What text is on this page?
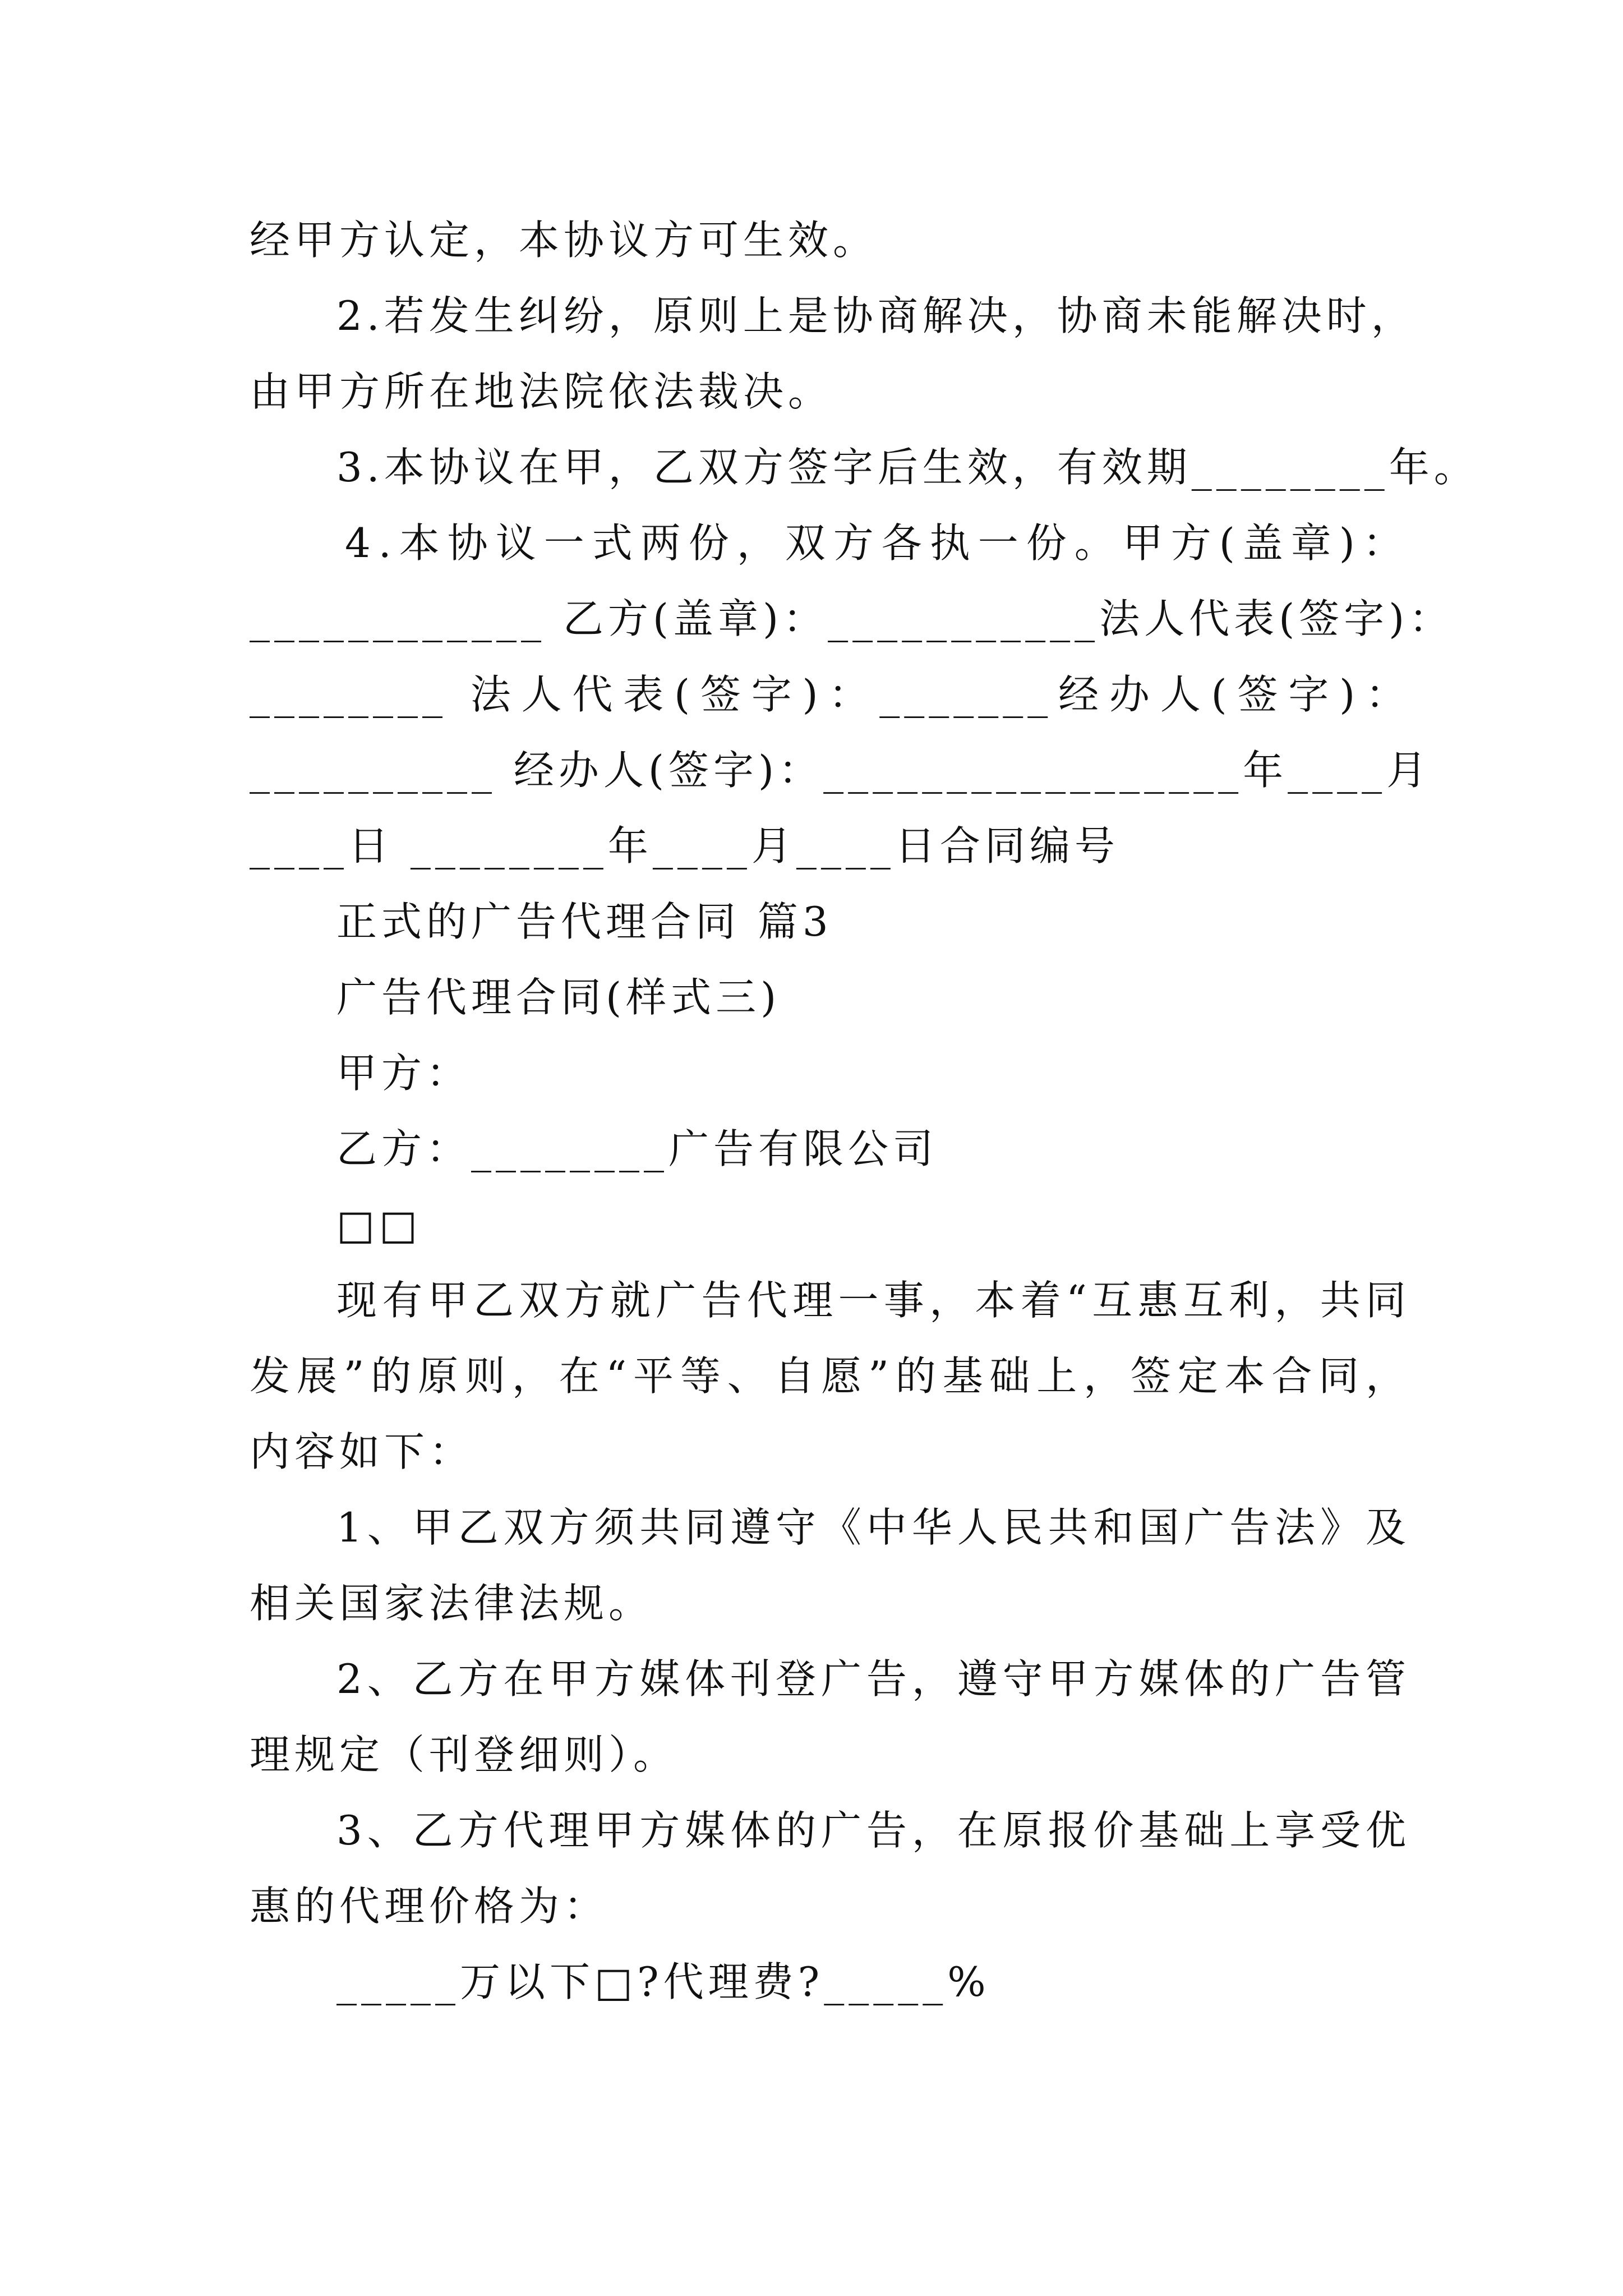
经甲方认定，本协议方可生效。
2.若发生纠纷，原则上是协商解决，协商未能解决时，
由甲方所在地法院依法裁决。
3.本协议在甲，乙双方签字后生效，有效期________年。
4.本协议一式两份，双方各执一份。甲方(盖章)：
____________ 乙方(盖章)：___________法人代表(签字)：
________ 法人代表(签字)：_______经办人(签字)：
__________ 经办人(签字)：_________________年____月
____日 ________年____月____日合同编号
正式的广告代理合同 篇3
广告代理合同(样式三)
甲方：
乙方：________广告有限公司
□□
现有甲乙双方就广告代理一事，本着“互惠互利，共同
发展”的原则，在“平等、自愿”的基础上，签定本合同，
内容如下：
1、甲乙双方须共同遵守《中华人民共和国广告法》及
相关国家法律法规。
2、乙方在甲方媒体刊登广告，遵守甲方媒体的广告管
理规定（刊登细则）。
3、乙方代理甲方媒体的广告，在原报价基础上享受优
惠的代理价格为：
_____万以下□?代理费?_____%
